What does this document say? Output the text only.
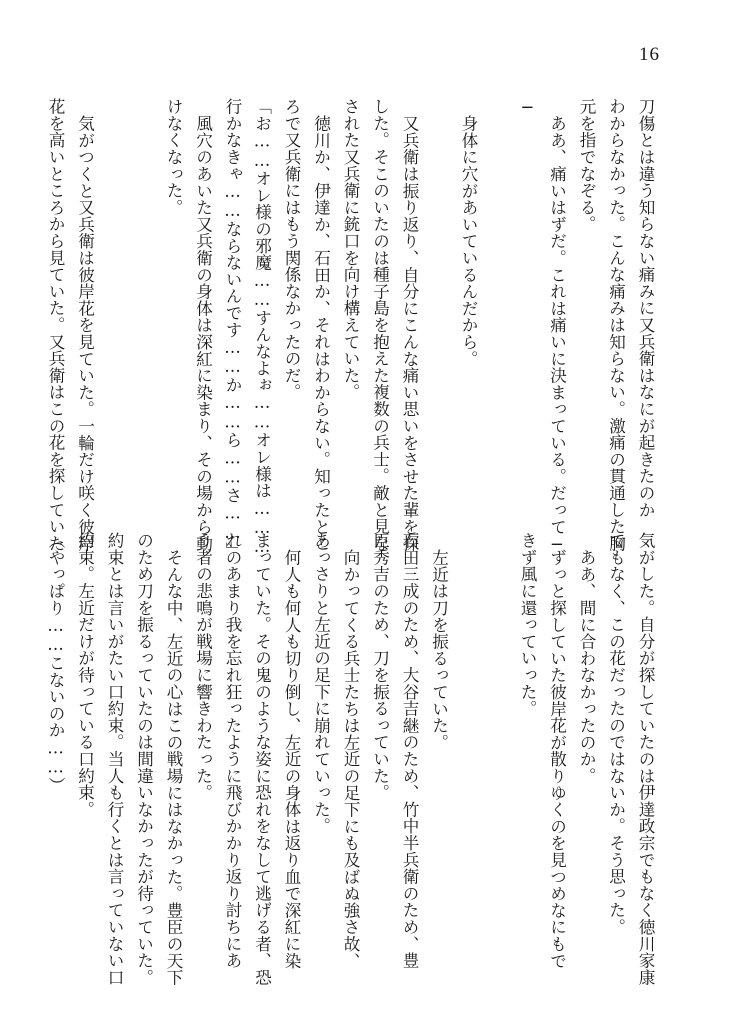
16
刀傷とは違う知らない痛みに又兵衛はなにが起きたのか
わからなかった。こんな痛みは知らない。激痛の貫通した胸
元を指でなぞる。
ああ、痛いはずだ。これは痛いに決まっている。だって─
─

身体に穴があいているんだから。

又兵衛は振り返り、自分にこんな痛い思いをさせた輩を探
した。そこのいたのは種子島を抱えた複数の兵士。敵と見な
された又兵衛に銃口を向け構えていた。
徳川か、伊達か、石田か、それはわからない。知ったとこ
ろで又兵衛にはもう関係なかったのだ。
「お……オレ様の邪魔……すんなよぉ……オレ様は………
行かなきゃ……ならないんです……か……ら……さ……」
風穴のあいた又兵衛の身体は深紅に染まり、その場から動
けなくなった。

気がつくと又兵衛は彼岸花を見ていた。一輪だけ咲く彼岸
花を高いところから見ていた。又兵衛はこの花を探していた
気がした。自分が探していたのは伊達政宗でもなく徳川家康
でもなく、この花だったのではないか。そう思った。
ああ、間に合わなかったのか。
ずっと探していた彼岸花が散りゆくのを見つめなにもで
きず風に還っていった。

左近は刀を振るっていた。
石田三成のため、大谷吉継のため、竹中半兵衛のため、豊
臣秀吉のため、刀を振るっていた。
向かってくる兵士たちは左近の足下にも及ばぬ強さ故、
あっさりと左近の足下に崩れていった。
何人も何人も切り倒し、左近の身体は返り血で深紅に染
まっていた。その鬼のような姿に恐れをなして逃げる者、恐
れのあまり我を忘れ狂ったように飛びかかり返り討ちにあ
う者の悲鳴が戦場に響きわたった。
そんな中、左近の心はこの戦場にはなかった。豊臣の天下
のため刀を振るっていたのは間違いなかったが待っていた。
約束とは言いがたい口約束。当人も行くとは言っていない口
約束。左近だけが待っている口約束。
（やっぱり……こないのか……）
